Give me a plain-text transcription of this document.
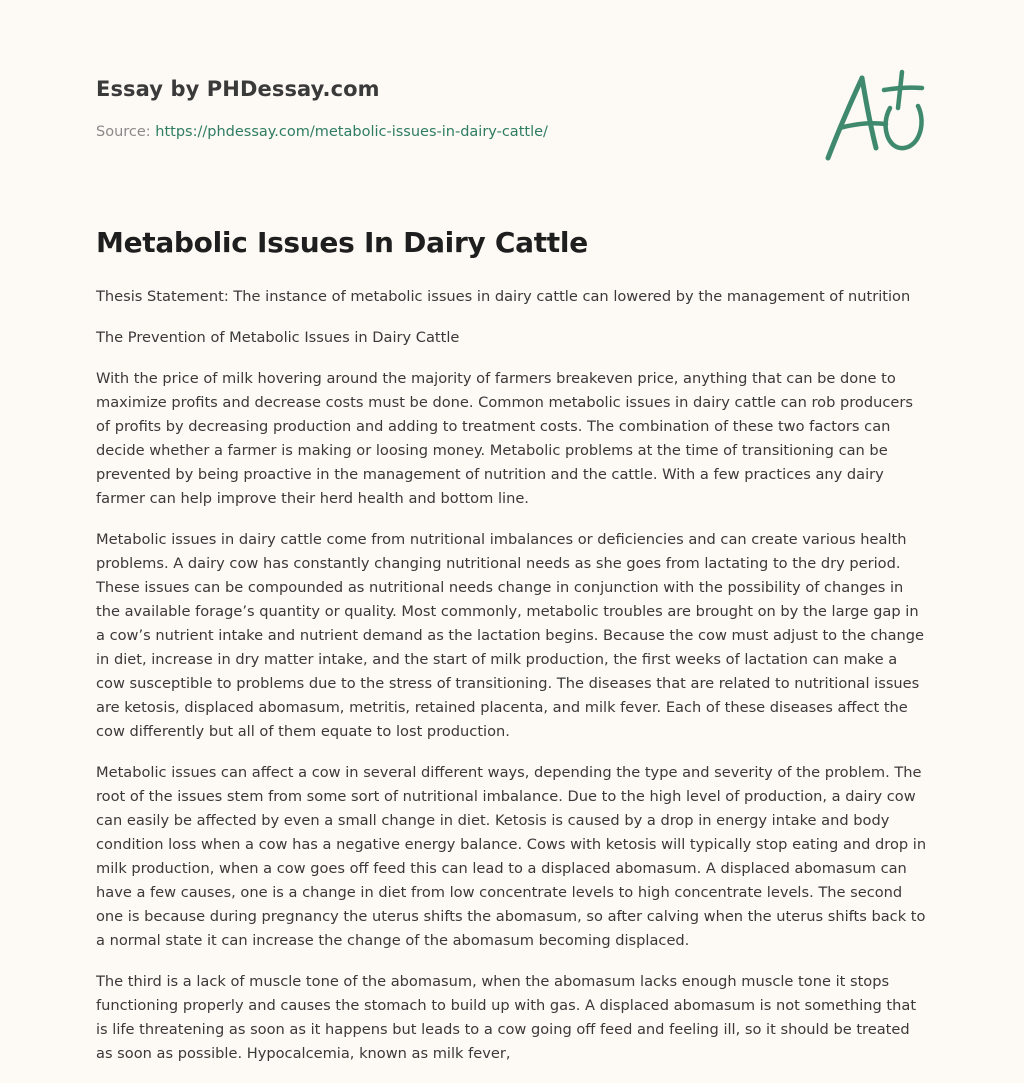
Essay by PHDessay.com
Source: https://phdessay.com/metabolic-issues-in-dairy-cattle/
Metabolic Issues In Dairy Cattle

Thesis Statement: The instance of metabolic issues in dairy cattle can lowered by the management of nutrition

The Prevention of Metabolic Issues in Dairy Cattle

With the price of milk hovering around the majority of farmers breakeven price, anything that can be done to maximize profits and decrease costs must be done. Common metabolic issues in dairy cattle can rob producers of profits by decreasing production and adding to treatment costs. The combination of these two factors can decide whether a farmer is making or loosing money. Metabolic problems at the time of transitioning can be prevented by being proactive in the management of nutrition and the cattle. With a few practices any dairy farmer can help improve their herd health and bottom line.

Metabolic issues in dairy cattle come from nutritional imbalances or deficiencies and can create various health problems. A dairy cow has constantly changing nutritional needs as she goes from lactating to the dry period. These issues can be compounded as nutritional needs change in conjunction with the possibility of changes in the available forage’s quantity or quality. Most commonly, metabolic troubles are brought on by the large gap in a cow’s nutrient intake and nutrient demand as the lactation begins. Because the cow must adjust to the change in diet, increase in dry matter intake, and the start of milk production, the first weeks of lactation can make a cow susceptible to problems due to the stress of transitioning. The diseases that are related to nutritional issues are ketosis, displaced abomasum, metritis, retained placenta, and milk fever. Each of these diseases affect the cow differently but all of them equate to lost production.

Metabolic issues can affect a cow in several different ways, depending the type and severity of the problem. The root of the issues stem from some sort of nutritional imbalance. Due to the high level of production, a dairy cow can easily be affected by even a small change in diet. Ketosis is caused by a drop in energy intake and body condition loss when a cow has a negative energy balance. Cows with ketosis will typically stop eating and drop in milk production, when a cow goes off feed this can lead to a displaced abomasum. A displaced abomasum can have a few causes, one is a change in diet from low concentrate levels to high concentrate levels. The second one is because during pregnancy the uterus shifts the abomasum, so after calving when the uterus shifts back to a normal state it can increase the change of the abomasum becoming displaced.

The third is a lack of muscle tone of the abomasum, when the abomasum lacks enough muscle tone it stops functioning properly and causes the stomach to build up with gas. A displaced abomasum is not something that is life threatening as soon as it happens but leads to a cow going off feed and feeling ill, so it should be treated as soon as possible. Hypocalcemia, known as milk fever,
